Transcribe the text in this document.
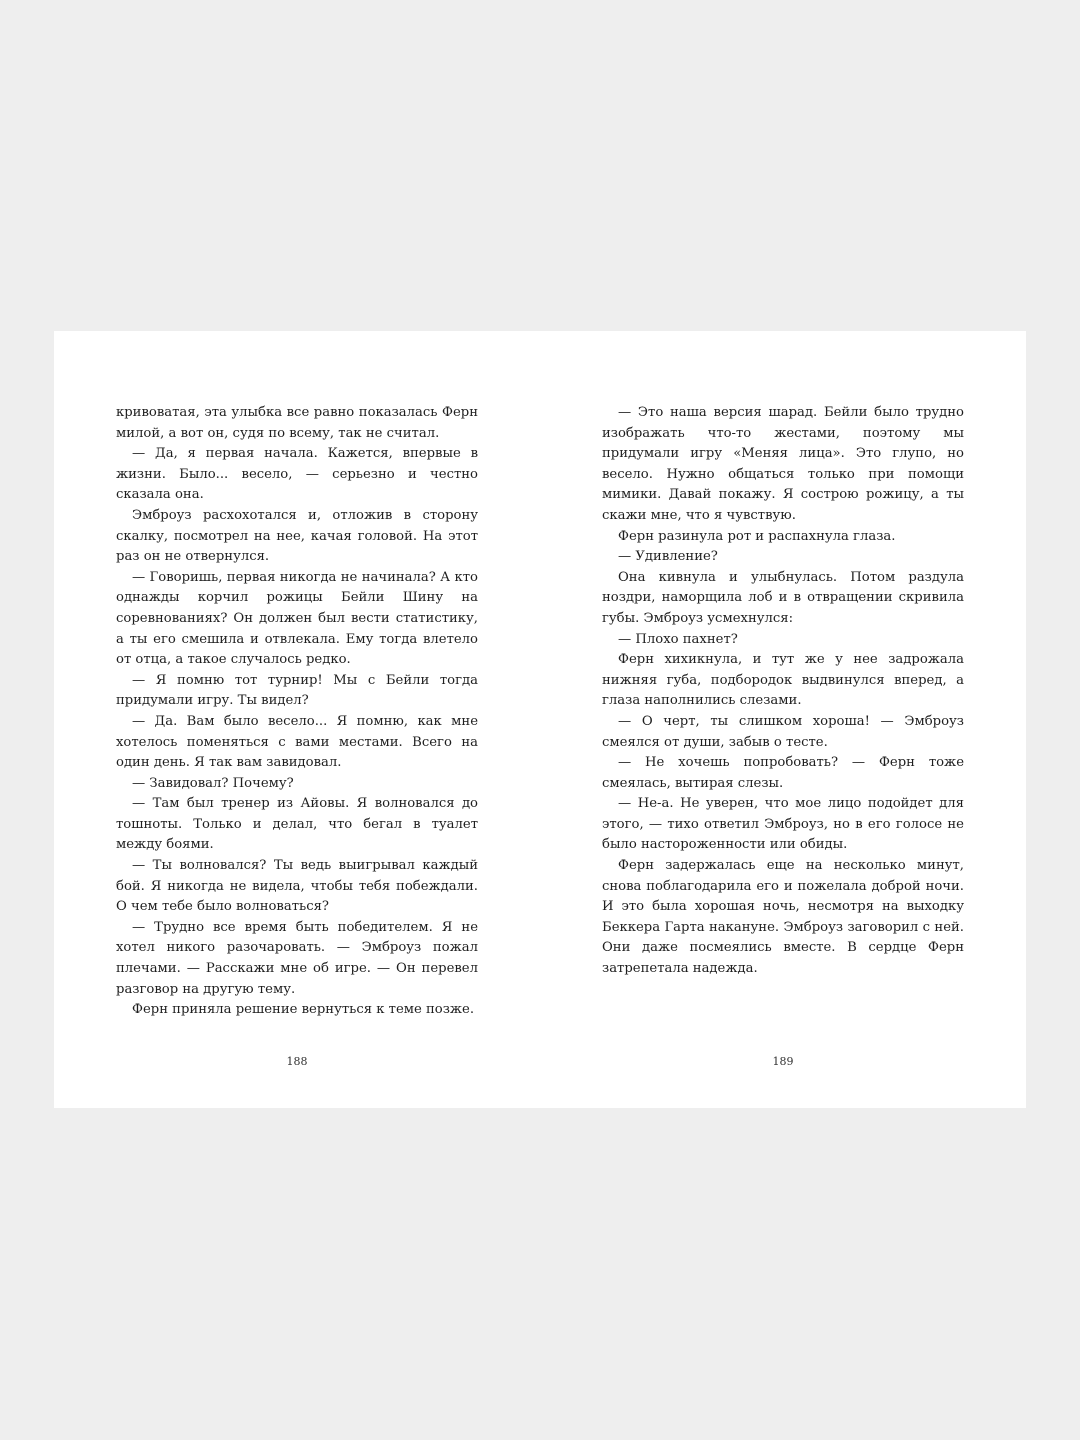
кривоватая, эта улыбка все равно показалась Ферн милой, а вот он, судя по всему, так не считал.

— Да, я первая начала. Кажется, впервые в жизни. Было... весело, — серьезно и честно сказала она.

Эмброуз расхохотался и, отложив в сторону скалку, посмотрел на нее, качая головой. На этот раз он не отвернулся.

— Говоришь, первая никогда не начинала? А кто однажды корчил рожицы Бейли Шину на соревнованиях? Он должен был вести статистику, а ты его смешила и отвлекала. Ему тогда влетело от отца, а такое случалось редко.

— Я помню тот турнир! Мы с Бейли тогда придумали игру. Ты видел?

— Да. Вам было весело... Я помню, как мне хотелось поменяться с вами местами. Всего на один день. Я так вам завидовал.

— Завидовал? Почему?

— Там был тренер из Айовы. Я волновался до тошноты. Только и делал, что бегал в туалет между боями.

— Ты волновался? Ты ведь выигрывал каждый бой. Я никогда не видела, чтобы тебя побеждали. О чем тебе было волноваться?

— Трудно все время быть победителем. Я не хотел никого разочаровать. — Эмброуз пожал плечами. — Расскажи мне об игре. — Он перевел разговор на другую тему.

Ферн приняла решение вернуться к теме позже.

188

— Это наша версия шарад. Бейли было трудно изображать что-то жестами, поэтому мы придумали игру «Меняя лица». Это глупо, но весело. Нужно общаться только при помощи мимики. Давай покажу. Я сострою рожицу, а ты скажи мне, что я чувствую.

Ферн разинула рот и распахнула глаза.

— Удивление?

Она кивнула и улыбнулась. Потом раздула ноздри, наморщила лоб и в отвращении скривила губы. Эмброуз усмехнулся:

— Плохо пахнет?

Ферн хихикнула, и тут же у нее задрожала нижняя губа, подбородок выдвинулся вперед, а глаза наполнились слезами.

— О черт, ты слишком хороша! — Эмброуз смеялся от души, забыв о тесте.

— Не хочешь попробовать? — Ферн тоже смеялась, вытирая слезы.

— Не-а. Не уверен, что мое лицо подойдет для этого, — тихо ответил Эмброуз, но в его голосе не было настороженности или обиды.

Ферн задержалась еще на несколько минут, снова поблагодарила его и пожелала доброй ночи. И это была хорошая ночь, несмотря на выходку Беккера Гарта накануне. Эмброуз заговорил с ней. Они даже посмеялись вместе. В сердце Ферн затрепетала надежда.

189
